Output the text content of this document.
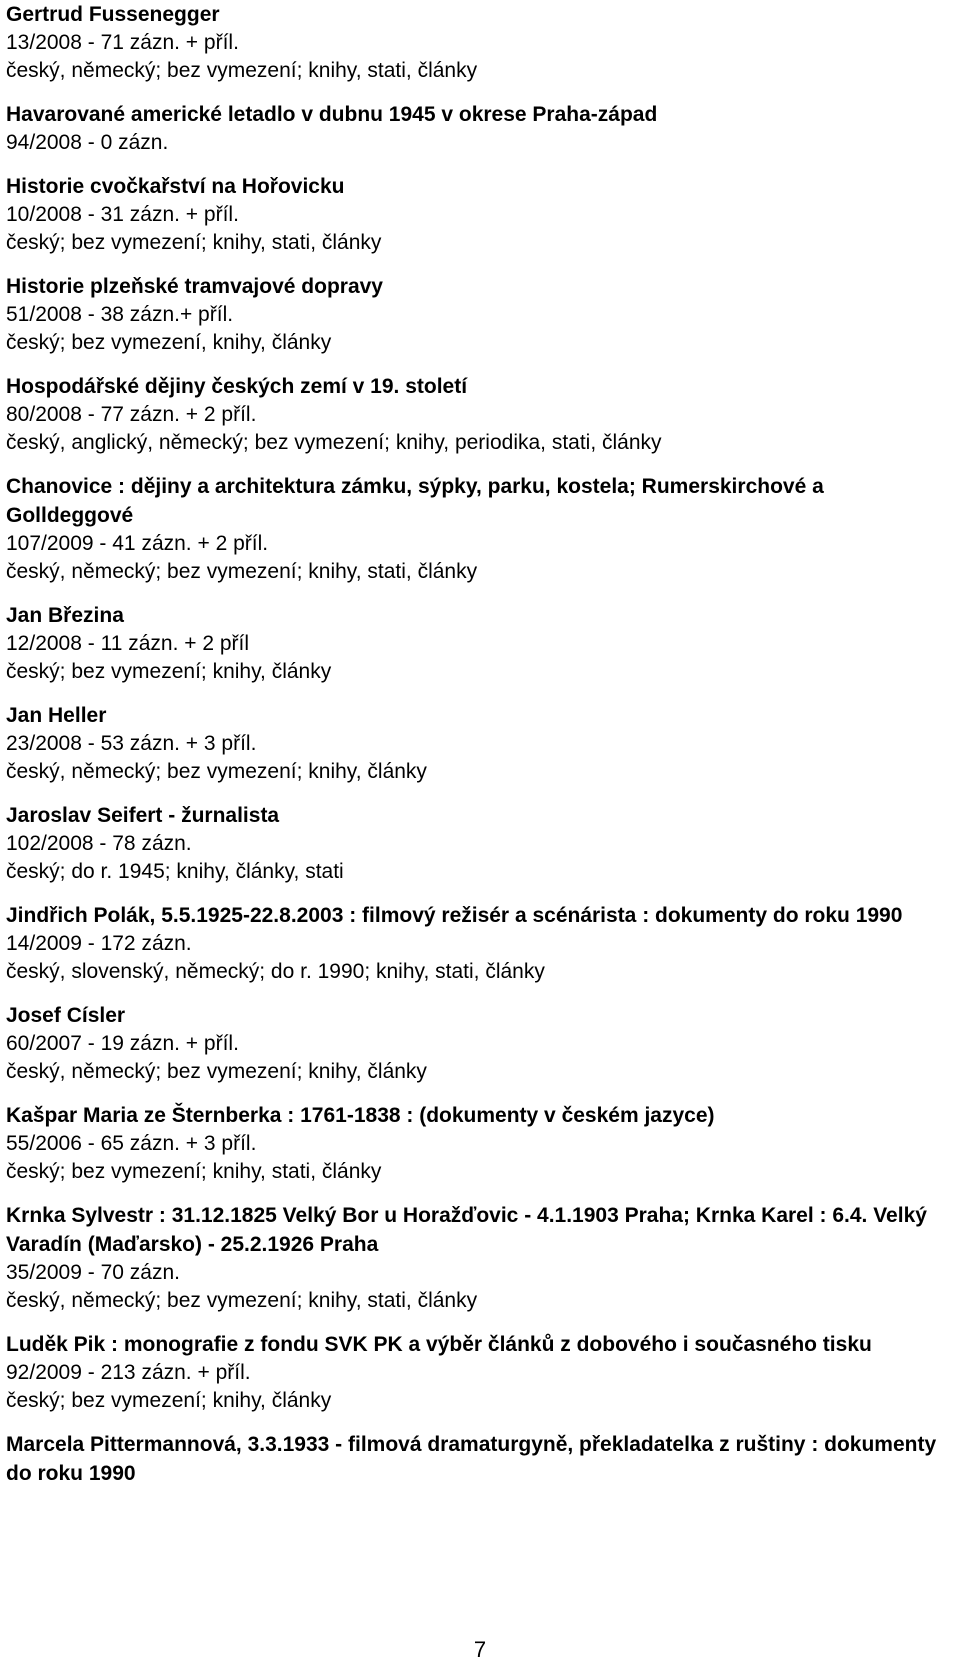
Gertrud Fussenegger

13/2008 - 71 zázn. + příl.

český, německý; bez vymezení; knihy, stati, články

Havarované americké letadlo v dubnu 1945 v okrese Praha-západ

94/2008 - 0 zázn.

Historie cvočkařství na Hořovicku

10/2008 - 31 zázn. + příl.

český; bez vymezení; knihy, stati, články

Historie plzeňské tramvajové dopravy

51/2008 - 38 zázn.+ příl.

český; bez vymezení, knihy, články

Hospodářské dějiny českých zemí v 19. století

80/2008 - 77 zázn. + 2 příl.

český, anglický, německý; bez vymezení; knihy, periodika, stati, články

Chanovice : dějiny a architektura zámku, sýpky, parku, kostela; Rumerskirchové a Golldeggové

107/2009 - 41 zázn. + 2 příl.

český, německý; bez vymezení; knihy, stati, články

Jan Březina

12/2008 - 11 zázn. + 2 příl

český; bez vymezení; knihy, články

Jan Heller

23/2008 - 53 zázn. + 3 příl.

český, německý; bez vymezení; knihy, články

Jaroslav Seifert - žurnalista

102/2008 - 78 zázn.

český; do r. 1945; knihy, články, stati

Jindřich Polák, 5.5.1925-22.8.2003 : filmový režisér a scénárista : dokumenty do roku 1990

14/2009 - 172 zázn.

český, slovenský, německý; do r. 1990; knihy, stati, články

Josef Císler

60/2007 - 19 zázn. + příl.

český, německý; bez vymezení; knihy, články

Kašpar Maria ze Šternberka : 1761-1838 : (dokumenty v českém jazyce)

55/2006 - 65 zázn. + 3 příl.

český; bez vymezení; knihy, stati, články

Krnka Sylvestr : 31.12.1825 Velký Bor u Horažďovic - 4.1.1903 Praha; Krnka Karel : 6.4. Velký Varadín (Maďarsko) - 25.2.1926 Praha

35/2009 - 70 zázn.

český, německý; bez vymezení; knihy, stati, články

Luděk Pik : monografie z fondu SVK PK a výběr článků z dobového i současného tisku

92/2009 - 213 zázn. + příl.

český; bez vymezení; knihy, články

Marcela Pittermannová, 3.3.1933 - filmová dramaturgyně, překladatelka z ruštiny : dokumenty do roku 1990

7
